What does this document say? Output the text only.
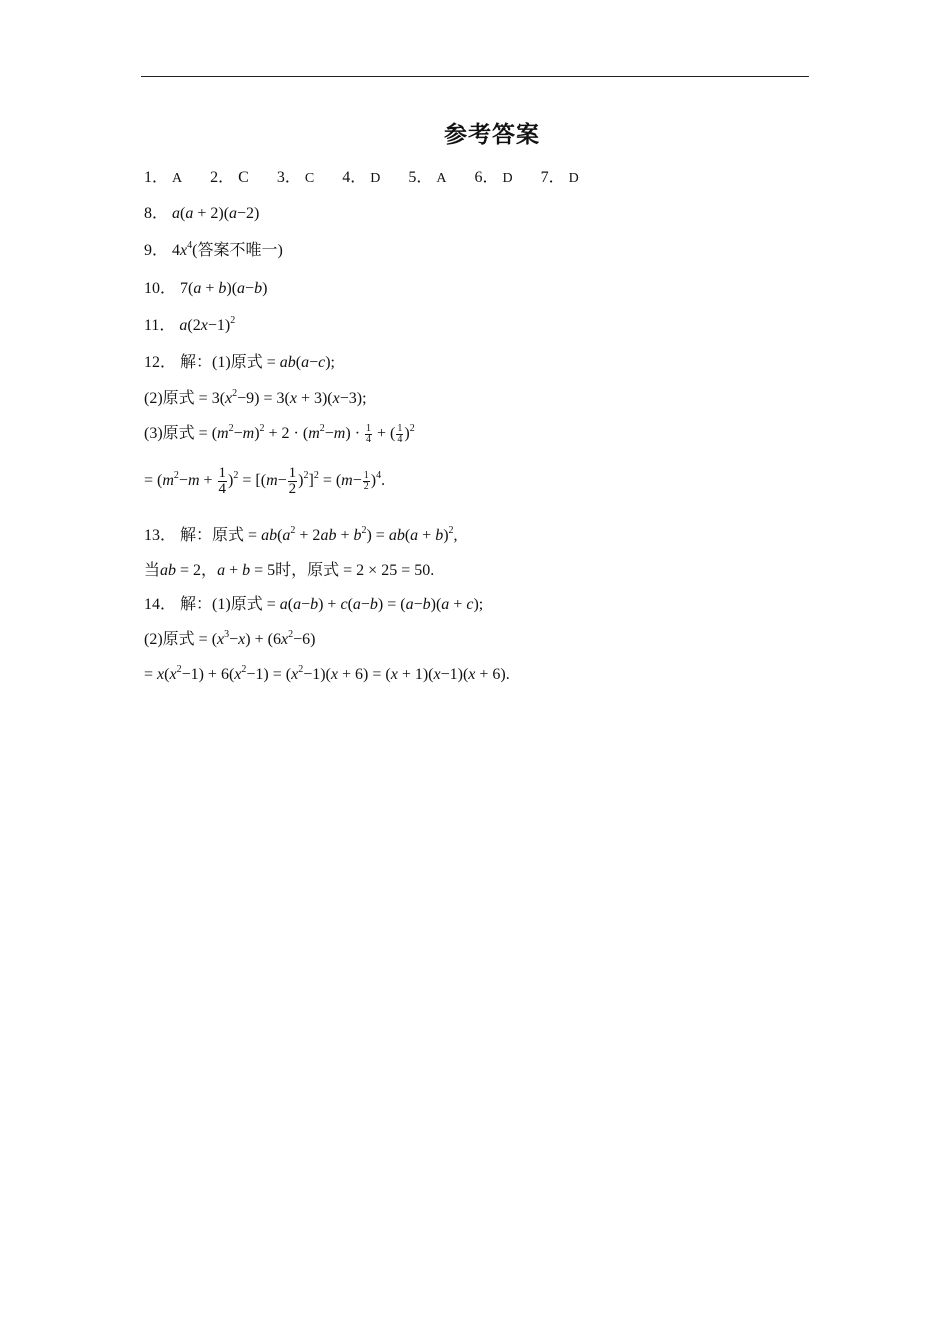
参考答案
1． A 2． C 3． C 4． D 5． A 6． D 7． D
8． a(a + 2)(a−2)
9． $4x^4$(答案不唯一)
10． 7(a + b)(a−b)
11． $a(2x-1)^2$
12． 解：(1)原式 = ab(a−c);
(2)原式 = $3(x^2-9) = 3(x + 3)(x-3)$;
(3)原式 = $(m^2-m)^2 + 2 \cdot (m^2-m) \cdot \frac{1}{4}$ + ( $\frac{1}{4} )^2$
= $(m^2-m + \frac{1}{4} )^2 = [(m- \frac{1}{2} )^2]^2 = (m- \frac{1}{2} )^4$.
13． 解：原式 = $ab(a^2 + 2ab + b^2) = ab(a + b)^2$,
当ab = 2，a + b = 5时，原式 = 2 × 25 = 50.
14． 解：(1)原式 = a(a−b) + c(a−b) = (a−b)(a + c);
(2)原式 = $(x^3-x) + (6x^2-6)$
= $x(x^2-1) + 6(x^2-1) = (x^2-1)(x + 6) = (x + 1)(x-1)(x + 6)$.
